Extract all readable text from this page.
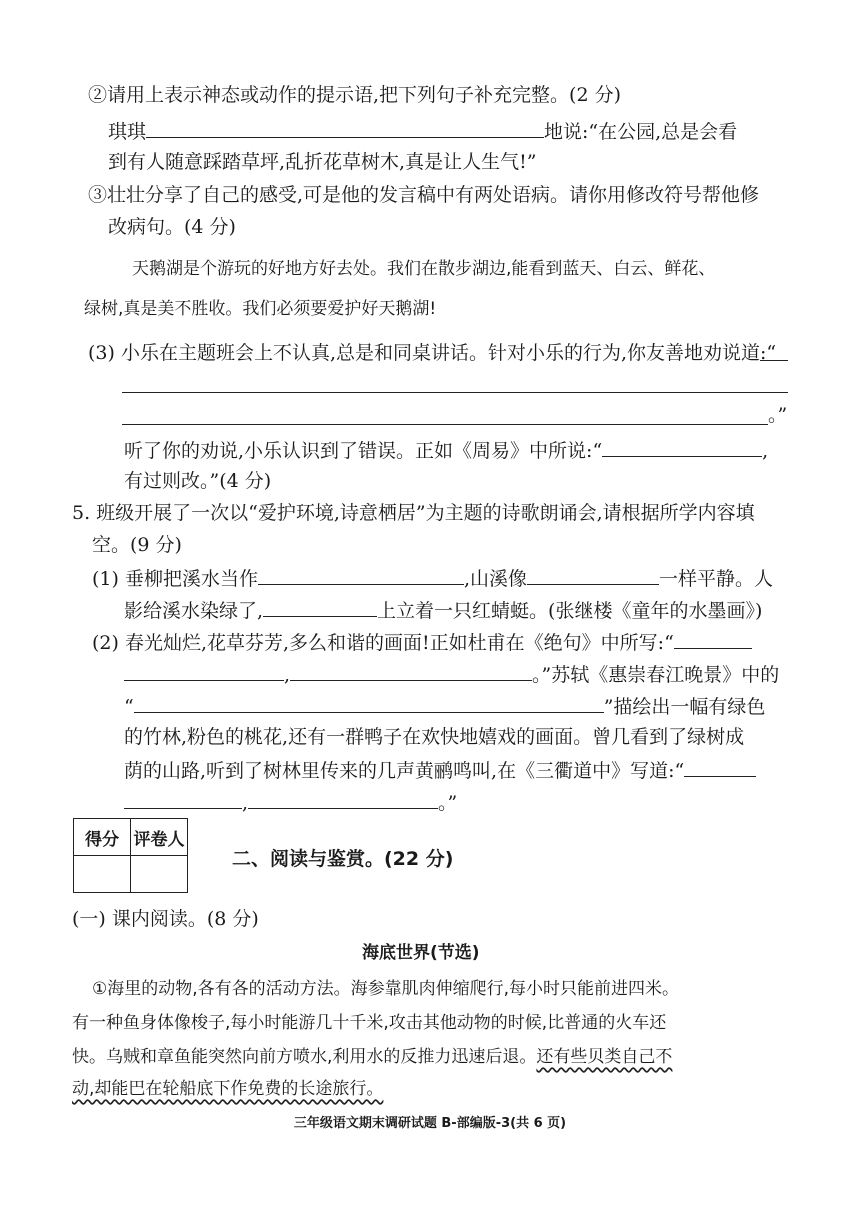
②请用上表示神态或动作的提示语,把下列句子补充完整。(2 分)
琪琪	地说:“在公园,总是会看
到有人随意踩踏草坪,乱折花草树木,真是让人生气!”
③壮壮分享了自己的感受,可是他的发言稿中有两处语病。请你用修改符号帮他修
改病句。(4 分)
天鹅湖是个游玩的好地方好去处。我们在散步湖边,能看到蓝天、白云、鲜花、
绿树,真是美不胜收。我们必须要爱护好天鹅湖!
(3) 小乐在主题班会上不认真,总是和同桌讲话。针对小乐的行为,你友善地劝说道:“
。”
听了你的劝说,小乐认识到了错误。正如《周易》中所说:“	,
有过则改。”(4 分)
5. 班级开展了一次以“爱护环境,诗意栖居”为主题的诗歌朗诵会,请根据所学内容填
空。(9 分)
(1) 垂柳把溪水当作	,山溪像	一样平静。人
影给溪水染绿了,	上立着一只红蜻蜓。(张继楼《童年的水墨画》)
(2) 春光灿烂,花草芬芳,多么和谐的画面!正如杜甫在《绝句》中所写:“
,	。”苏轼《惠崇春江晚景》中的
“	”描绘出一幅有绿色
的竹林,粉色的桃花,还有一群鸭子在欢快地嬉戏的画面。曾几看到了绿树成
荫的山路,听到了树林里传来的几声黄鹂鸣叫,在《三衢道中》写道:“
,	。”
得分	评卷人

二、阅读与鉴赏。(22 分)
(一) 课内阅读。(8 分)
海底世界(节选)
①海里的动物,各有各的活动方法。海参靠肌肉伸缩爬行,每小时只能前进四米。
有一种鱼身体像梭子,每小时能游几十千米,攻击其他动物的时候,比普通的火车还
快。乌贼和章鱼能突然向前方喷水,利用水的反推力迅速后退。还有些贝类自己不
三年级语文期末调研试题 B-部编版-3(共 6 页)
动,却能巴在轮船底下作免费的长途旅行。
